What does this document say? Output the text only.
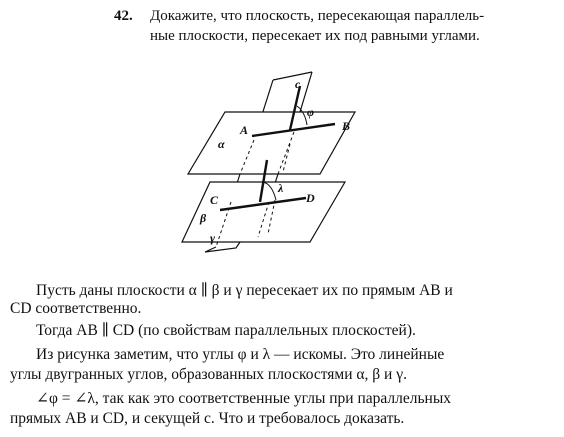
42. Докажите, что плоскость, пересекающая параллель-
ные плоскости, пересекает их под равными углами.
c
φ
A	B
α
λ
C	D
β
γ
Пусть даны плоскости α ∥ β и γ пересекает их по прямым AB и
CD соответственно.
Тогда AB ∥ CD (по свойствам параллельных плоскостей).
Из рисунка заметим, что углы φ и λ — искомы. Это линейные
углы двугранных углов, образованных плоскостями α, β и γ.
∠φ = ∠λ, так как это соответственные углы при параллельных
прямых AB и CD, и секущей c. Что и требовалось доказать.
